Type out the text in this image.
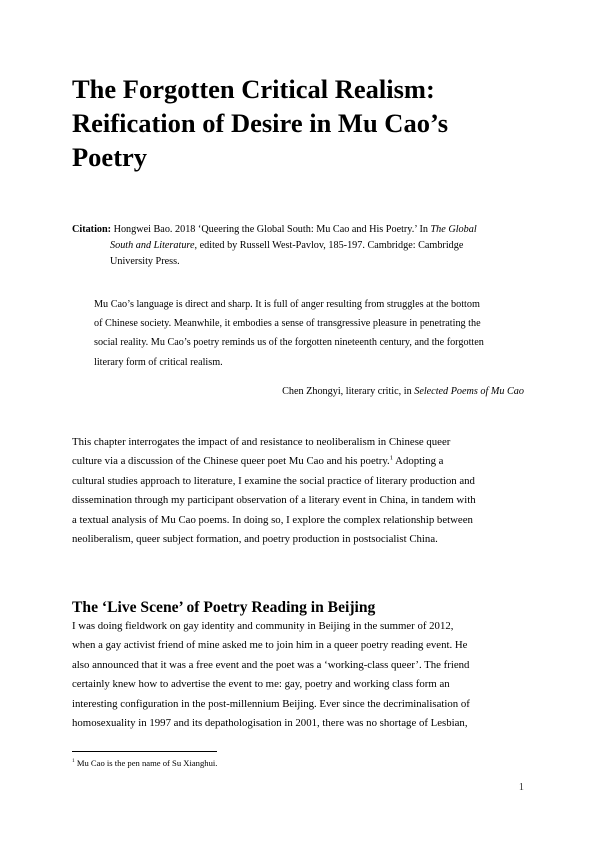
The Forgotten Critical Realism:
Reification of Desire in Mu Cao’s
Poetry
Citation: Hongwei Bao. 2018 ‘Queering the Global South: Mu Cao and His Poetry.’ In The Global
South and Literature, edited by Russell West-Pavlov, 185-197. Cambridge: Cambridge
University Press.
Mu Cao’s language is direct and sharp. It is full of anger resulting from struggles at the bottom
of Chinese society. Meanwhile, it embodies a sense of transgressive pleasure in penetrating the
social reality. Mu Cao’s poetry reminds us of the forgotten nineteenth century, and the forgotten
literary form of critical realism.
Chen Zhongyi, literary critic, in Selected Poems of Mu Cao
This chapter interrogates the impact of and resistance to neoliberalism in Chinese queer
culture via a discussion of the Chinese queer poet Mu Cao and his poetry.$^1$ Adopting a
cultural studies approach to literature, I examine the social practice of literary production and
dissemination through my participant observation of a literary event in China, in tandem with
a textual analysis of Mu Cao poems. In doing so, I explore the complex relationship between
neoliberalism, queer subject formation, and poetry production in postsocialist China.
The ‘Live Scene’ of Poetry Reading in Beijing
I was doing fieldwork on gay identity and community in Beijing in the summer of 2012,
when a gay activist friend of mine asked me to join him in a queer poetry reading event. He
also announced that it was a free event and the poet was a ‘working-class queer’. The friend
certainly knew how to advertise the event to me: gay, poetry and working class form an
interesting configuration in the post-millennium Beijing. Ever since the decriminalisation of
homosexuality in 1997 and its depathologisation in 2001, there was no shortage of Lesbian,
$^1$ Mu Cao is the pen name of Su Xianghui.
1
